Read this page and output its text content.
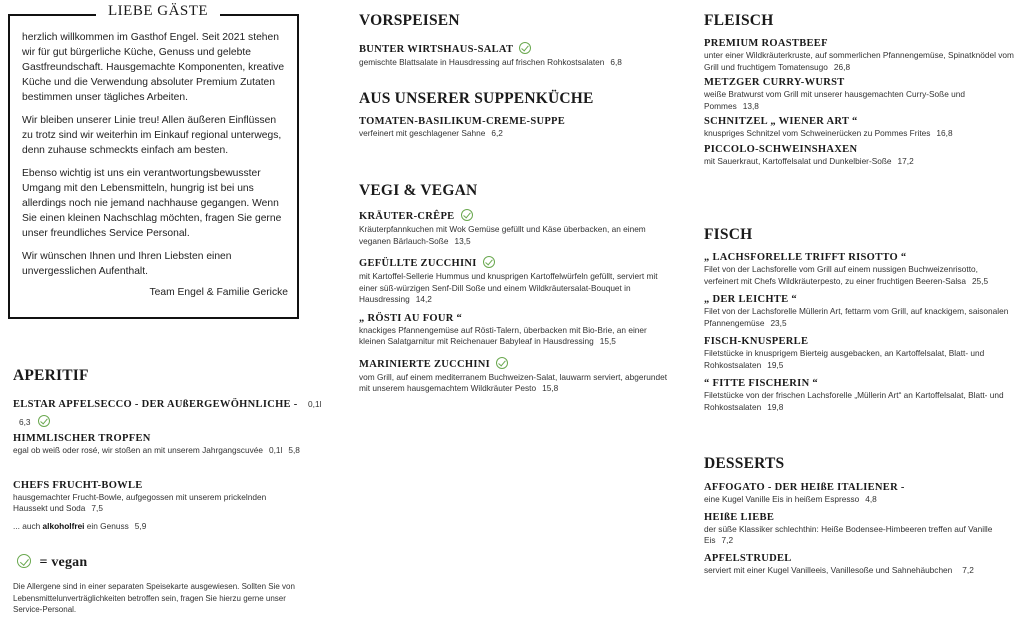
herzlich willkommen im Gasthof Engel. Seit 2021 stehen wir für gut bürgerliche Küche, Genuss und gelebte Gastfreundschaft. Hausgemachte Komponenten, kreative Küche und die Verwendung absoluter Premium Zutaten bestimmen unser tägliches Arbeiten.

Wir bleiben unserer Linie treu! Allen äußeren Einflüssen zu trotz sind wir weiterhin im Einkauf regional unterwegs, denn zuhause schmeckts einfach am besten.

Ebenso wichtig ist uns ein verantwortungsbewusster Umgang mit den Lebensmitteln, hungrig ist bei uns allerdings noch nie jemand nachhause gegangen. Wenn Sie einen kleinen Nachschlag möchten, fragen Sie gerne unser freundliches Service Personal.

Wir wünschen Ihnen und Ihren Liebsten einen unvergesslichen Aufenthalt.

Team Engel & Familie Gericke

LIEBE GÄSTE
APERITIF
ELSTAR APFELSECCO - DER AUßERGEWÖHNLICHE - 0,1l 6,3
HIMMLISCHER TROPFEN
egal ob weiß oder rosé, wir stoßen an mit unserem Jahrgangscuvée 0,1l 5,8
CHEFS FRUCHT-BOWLE
hausgemachter Frucht-Bowle, aufgegossen mit unserem prickelnden Haussekt und Soda 7,5
... auch alkoholfrei ein Genuss 5,9
= vegan
Die Allergene sind in einer separaten Speisekarte ausgewiesen. Sollten Sie von Lebensmittelunverträglichkeiten betroffen sein, fragen Sie hierzu gerne unser Service-Personal.
VORSPEISEN
BUNTER WIRTSHAUS-SALAT
gemischte Blattsalate in Hausdressing auf frischen Rohkostsalaten 6,8
AUS UNSERER SUPPENKÜCHE
TOMATEN-BASILIKUM-CREME-SUPPE
verfeinert mit geschlagener Sahne 6,2
VEGI & VEGAN
KRÄUTER-CRÊPE
Kräuterpfannkuchen mit Wok Gemüse gefüllt und Käse überbacken, an einem veganen Bärlauch-Soße 13,5
GEFÜLLTE ZUCCHINI
mit Kartoffel-Sellerie Hummus und knusprigen Kartoffelwürfeln gefüllt, serviert mit einer süß-würzigen Senf-Dill Soße und einem Wildkräutersalat-Bouquet in Hausdressing 14,2
„ RÖSTI AU FOUR “
knackiges Pfannengemüse auf Rösti-Talern, überbacken mit Bio-Brie, an einer kleinen Salatgarnitur mit Reichenauer Babyleaf in Hausdressing 15,5
MARINIERTE ZUCCHINI
vom Grill, auf einem mediterranem Buchweizen-Salat, lauwarm serviert, abgerundet mit unserem hausgemachtem Wildkräuter Pesto 15,8
FLEISCH
PREMIUM ROASTBEEF
unter einer Wildkräuterkruste, auf sommerlichen Pfannengemüse, Spinatknödel vom Grill und fruchtigem Tomatensugo 26,8
METZGER CURRY-WURST
weiße Bratwurst vom Grill mit unserer hausgemachten Curry-Soße und Pommes 13,8
SCHNITZEL „ WIENER ART “
knuspriges Schnitzel vom Schweinerücken zu Pommes Frites 16,8
PICCOLO-SCHWEINSHAXEN
mit Sauerkraut, Kartoffelsalat und Dunkelbier-Soße 17,2
FISCH
„ LACHSFORELLE TRIFFT RISOTTO “
Filet von der Lachsforelle vom Grill auf einem nussigen Buchweizenrisotto, verfeinert mit Chefs Wildkräuterpesto, zu einer fruchtigen Beeren-Salsa 25,5
„ DER LEICHTE “
Filet von der Lachsforelle Müllerin Art, fettarm vom Grill, auf knackigem, saisonalen Pfannengemüse 23,5
FISCH-KNUSPERLE
Filetstücke in knusprigem Bierteig ausgebacken, an Kartoffelsalat, Blatt- und Rohkostsalaten 19,5
“ FITTE FISCHERIN “
Filetstücke von der frischen Lachsforelle „Müllerin Art“ an Kartoffelsalat, Blatt- und Rohkostsalaten 19,8
DESSERTS
AFFOGATO - DER HEIßE ITALIENER -
eine Kugel Vanille Eis in heißem Espresso 4,8
HEIßE LIEBE
der süße Klassiker schlechthin: Heiße Bodensee-Himbeeren treffen auf Vanille Eis 7,2
APFELSTRUDEL
serviert mit einer Kugel Vanilleeis, Vanillesoße und Sahnehäubchen 7,2
